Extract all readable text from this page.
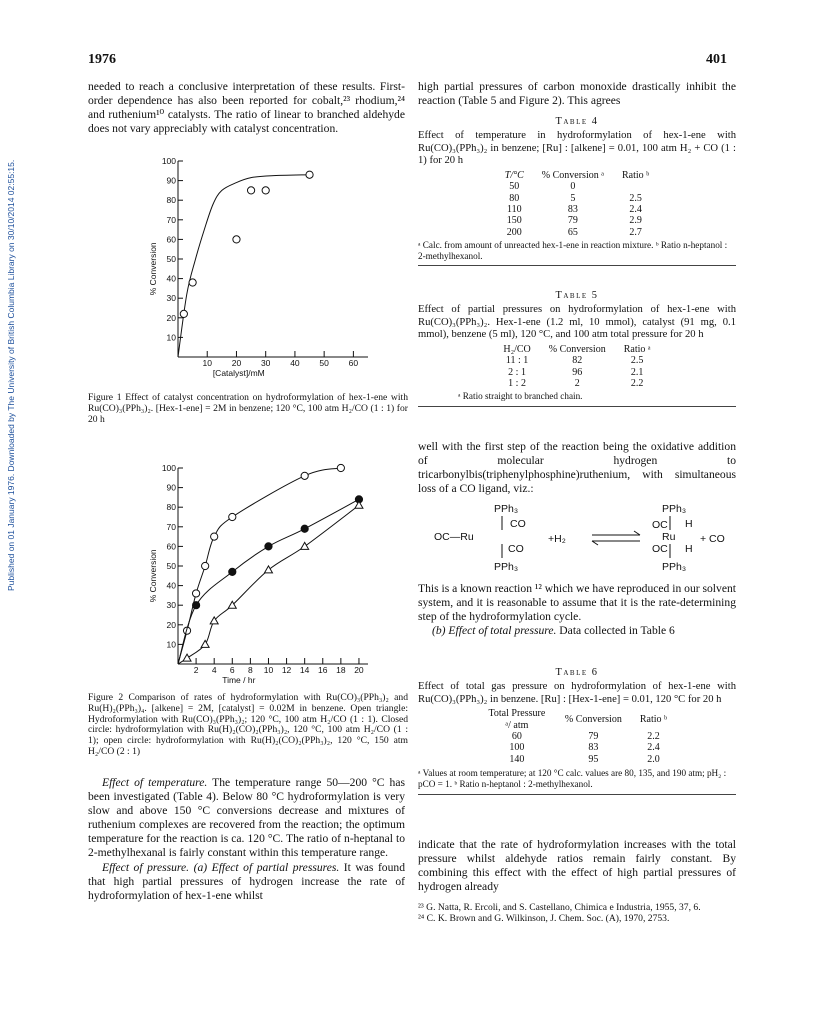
Published on 01 January 1976. Downloaded by The University of British Columbia Library on 30/10/2014 02:55:15.
1976	401

needed to reach a conclusive interpretation of these results. First-order dependence has also been reported for cobalt,²³ rhodium,²⁴ and ruthenium¹⁰ catalysts. The ratio of linear to branched aldehyde does not vary appreciably with catalyst concentration.

10
20
30
40
50
60
70
80
90
100
10 20 30 40 50 60
[Catalyst]/mM
% Conversion
Figure 1 Effect of catalyst concentration on hydroformylation of hex-1-ene with Ru(CO)₃(PPh₃)₂. [Hex-1-ene] = 2M in benzene; 120 °C, 100 atm H₂/CO (1 : 1) for 20 h
10
20
30
40
50
60
70
80
90
100
2 4 6 8 10 12 14 16 18 20
Time / hr
% Conversion
Figure 2 Comparison of rates of hydroformylation with Ru(CO)₃(PPh₃)₂ and Ru(H)₂(PPh₃)₄. [alkene] = 2M, [catalyst] = 0.02M in benzene. Open triangle: Hydroformylation with Ru(CO)₃(PPh₃)₂; 120 °C, 100 atm H₂/CO (1 : 1). Closed circle: hydroformylation with Ru(H)₂(CO)₂(PPh₃)₂, 120 °C, 100 atm H₂/CO (1 : 1); open circle: hydroformylation with Ru(H)₂(CO)₂(PPh₃)₂, 120 °C, 150 atm H₂/CO (2 : 1)

Effect of temperature. The temperature range 50—200 °C has been investigated (Table 4). Below 80 °C hydroformylation is very slow and above 150 °C conversions decrease and mixtures of ruthenium complexes are recovered from the reaction; the optimum temperature for the reaction is ca. 120 °C. The ratio of n-heptanal to 2-methylhexanal is fairly constant within this temperature range.

Effect of pressure. (a) Effect of partial pressures. It was found that high partial pressures of hydrogen increase the rate of hydroformylation of hex-1-ene whilst

high partial pressures of carbon monoxide drastically inhibit the reaction (Table 5 and Figure 2). This agrees

Table 4
Effect of temperature in hydroformylation of hex-1-ene with Ru(CO)₃(PPh₃)₂ in benzene; [Ru] : [alkene] = 0.01, 100 atm H₂ + CO (1 : 1) for 20 h
T/°C	% Conversion ᵃ	Ratio ᵇ
50	0	
80	5	2.5
110	83	2.4
150	79	2.9
200	65	2.7
ᵃ Calc. from amount of unreacted hex-1-ene in reaction mixture. ᵇ Ratio n-heptanol : 2-methylhexanol.
Table 5
Effect of partial pressures on hydroformylation of hex-1-ene with Ru(CO)₃(PPh₃)₂. Hex-1-ene (1.2 ml, 10 mmol), catalyst (91 mg, 0.1 mmol), benzene (5 ml), 120 °C, and 100 atm total pressure for 20 h
H₂/CO	% Conversion	Ratio ᵃ
11 : 1	82	2.5
2 : 1	96	2.1
1 : 2	2	2.2
ᵃ Ratio straight to branched chain.

well with the first step of the reaction being the oxidative addition of molecular hydrogen to tricarbonylbis(triphenylphosphine)ruthenium, with simultaneous loss of a CO ligand, viz.:

PPh₃
OC—Ru
CO
CO
PPh₃
+H₂
PPh₃
OC
Ru
OC
H
H
PPh₃
+ CO

This is a known reaction ¹² which we have reproduced in our solvent system, and it is reasonable to assume that it is the rate-determining step of the hydroformylation cycle.

(b) Effect of total pressure. Data collected in Table 6

Table 6
Effect of total gas pressure on hydroformylation of hex-1-ene with Ru(CO)₃(PPh₃)₂ in benzene. [Ru] : [Hex-1-ene] = 0.01, 120 °C for 20 h
Total Pressure ᵃ/ atm	% Conversion	Ratio ᵇ
60	79	2.2
100	83	2.4
140	95	2.0
ᵃ Values at room temperature; at 120 °C calc. values are 80, 135, and 190 atm; pH₂ : pCO = 1. ᵇ Ratio n-heptanol : 2-methylhexanol.

indicate that the rate of hydroformylation increases with the total pressure whilst aldehyde ratios remain fairly constant. By combining this effect with the effect of high partial pressures of hydrogen already

²³ G. Natta, R. Ercoli, and S. Castellano, Chimica e Industria, 1955, 37, 6.
²⁴ C. K. Brown and G. Wilkinson, J. Chem. Soc. (A), 1970, 2753.
